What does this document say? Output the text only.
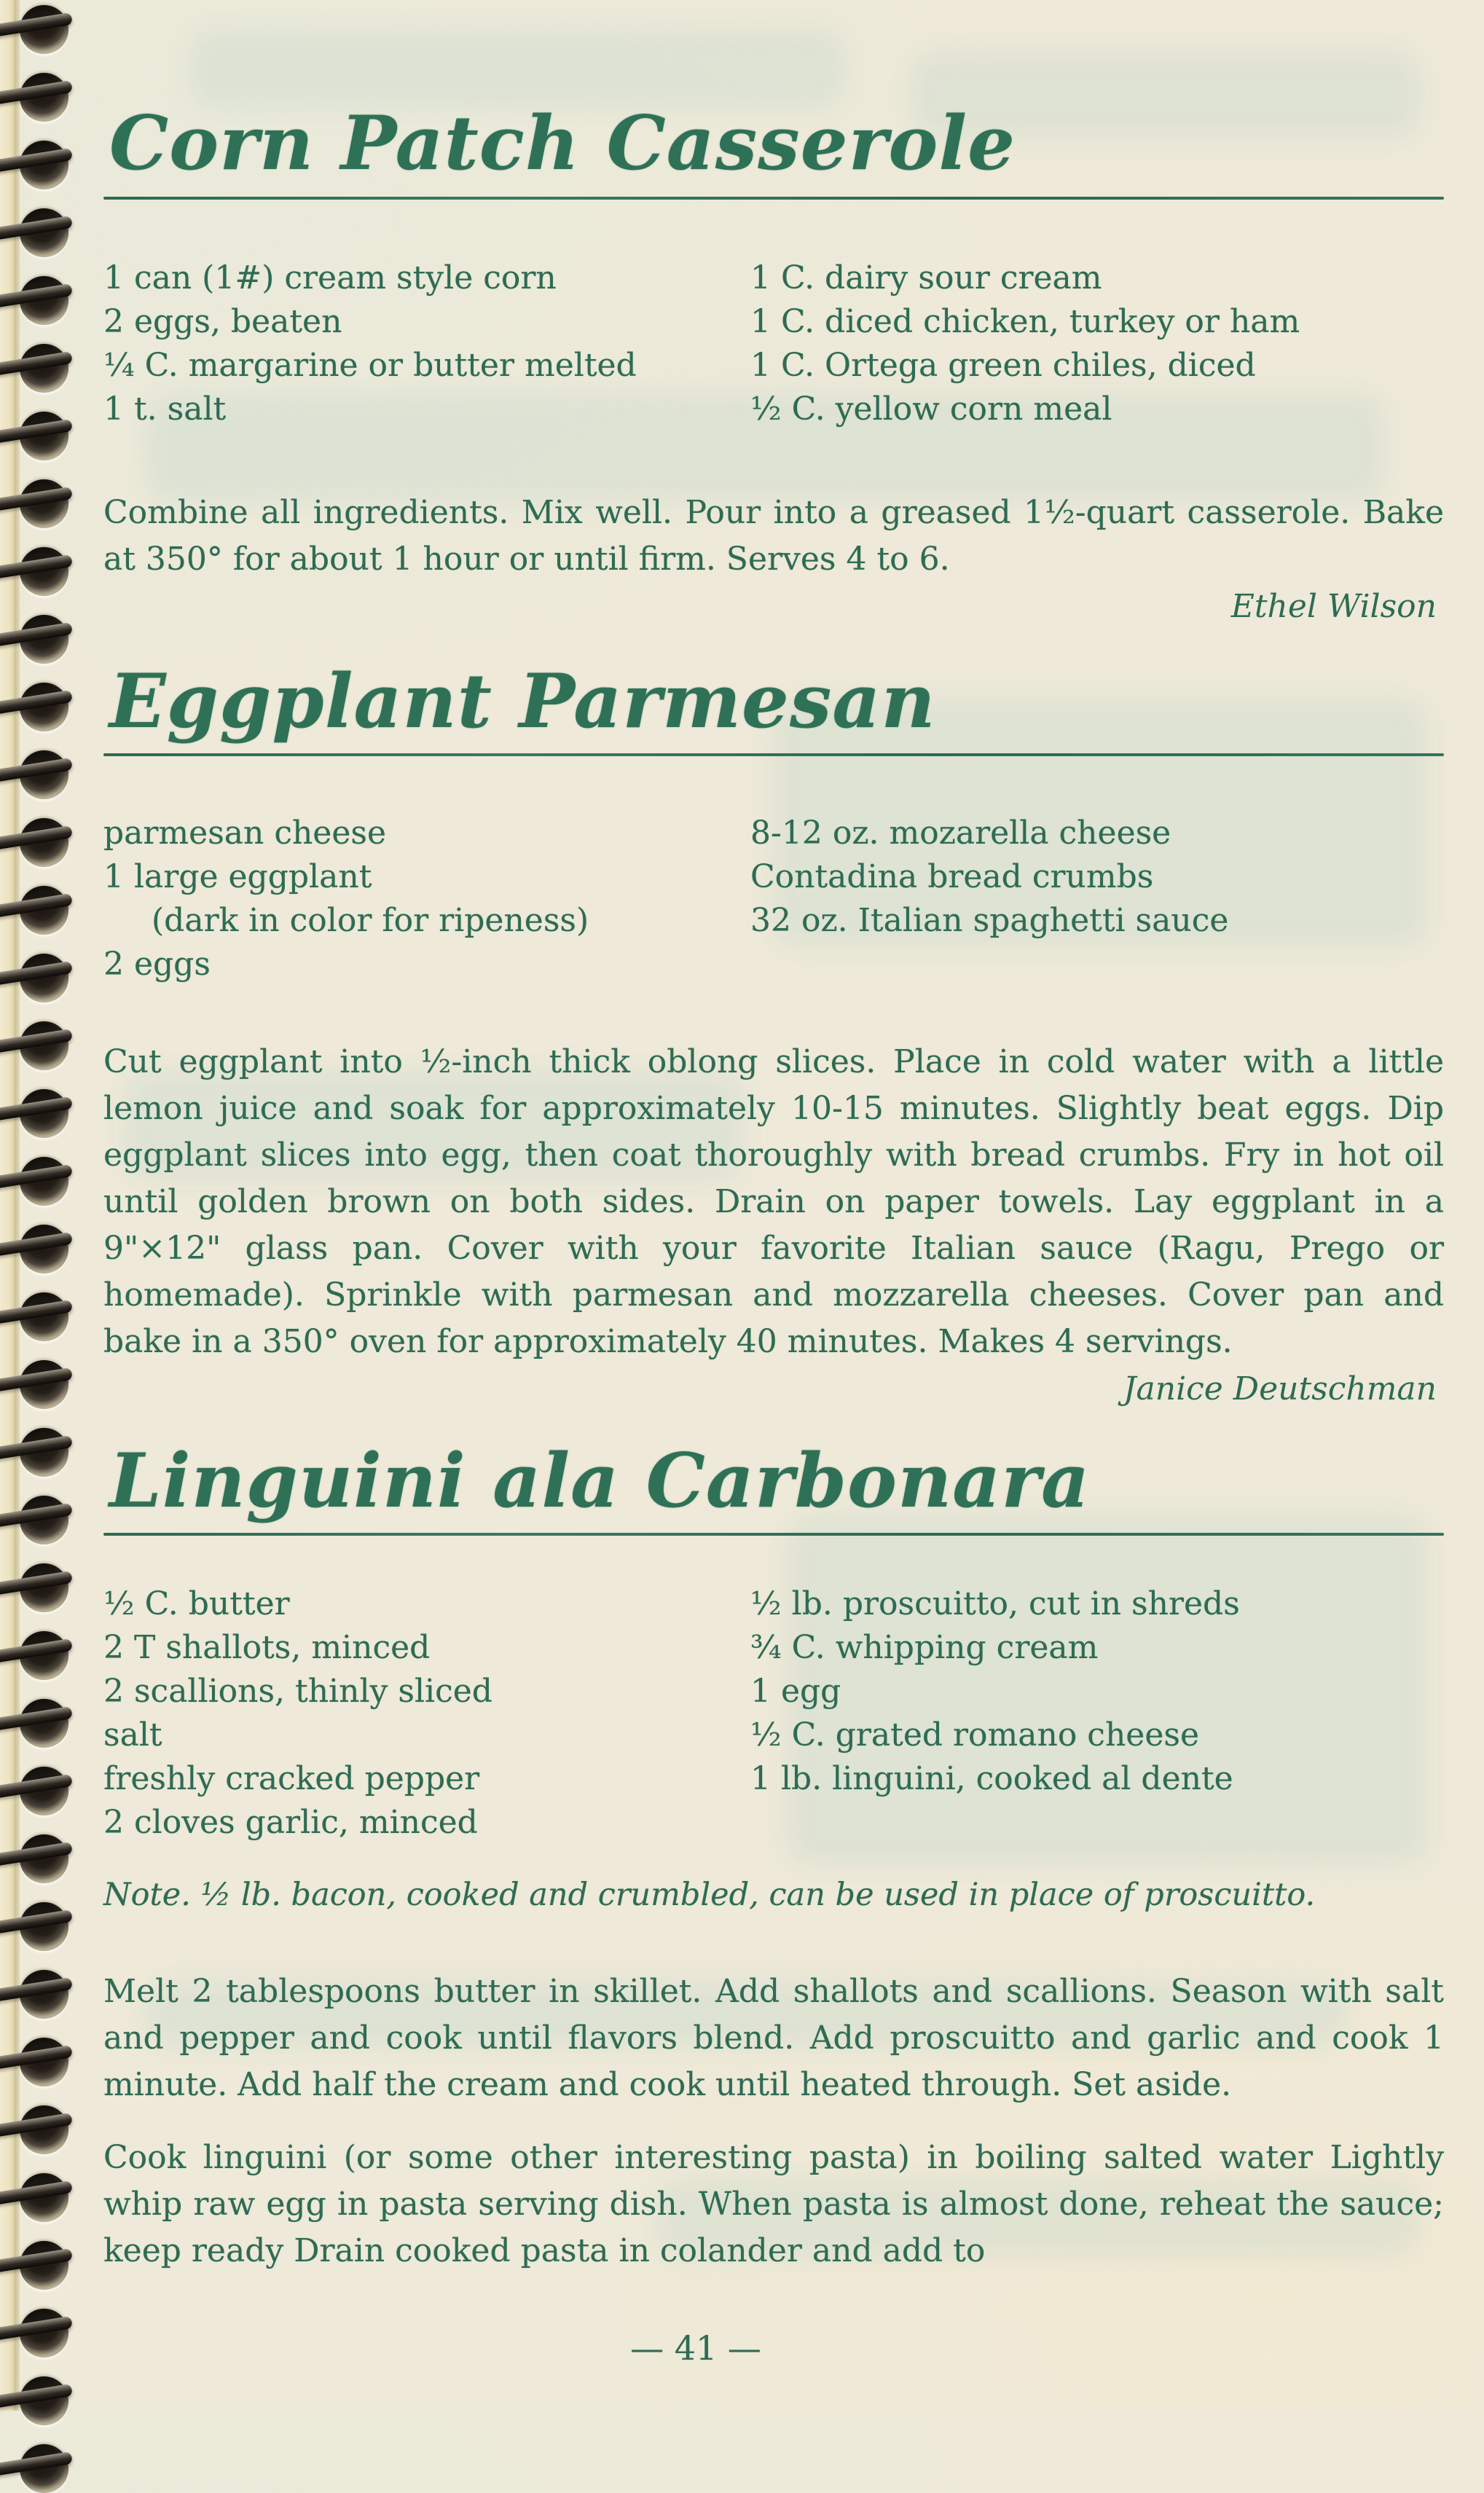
Corn Patch Casserole
1 can (1#) cream style corn
2 eggs, beaten
¼ C. margarine or butter melted
1 t. salt
1 C. dairy sour cream
1 C. diced chicken, turkey or ham
1 C. Ortega green chiles, diced
½ C. yellow corn meal

Combine all ingredients. Mix well. Pour into a greased 1½-quart casserole. Bake at 350° for about 1 hour or until firm. Serves 4 to 6.

Ethel Wilson

Eggplant Parmesan
parmesan cheese
1 large eggplant
(dark in color for ripeness)
2 eggs
8-12 oz. mozarella cheese
Contadina bread crumbs
32 oz. Italian spaghetti sauce

Cut eggplant into ½-inch thick oblong slices. Place in cold water with a little lemon juice and soak for approximately 10-15 minutes. Slightly beat eggs. Dip eggplant slices into egg, then coat thoroughly with bread crumbs. Fry in hot oil until golden brown on both sides. Drain on paper towels. Lay eggplant in a 9"×12" glass pan. Cover with your favorite Italian sauce (Ragu, Prego or homemade). Sprinkle with parmesan and mozzarella cheeses. Cover pan and bake in a 350° oven for approximately 40 minutes. Makes 4 servings.

Janice Deutschman

Linguini ala Carbonara
½ C. butter
2 T shallots, minced
2 scallions, thinly sliced
salt
freshly cracked pepper
2 cloves garlic, minced
½ lb. proscuitto, cut in shreds
¾ C. whipping cream
1 egg
½ C. grated romano cheese
1 lb. linguini, cooked al dente

Note. ½ lb. bacon, cooked and crumbled, can be used in place of proscuitto.

Melt 2 tablespoons butter in skillet. Add shallots and scallions. Season with salt and pepper and cook until flavors blend. Add proscuitto and garlic and cook 1 minute. Add half the cream and cook until heated through. Set aside.

Cook linguini (or some other interesting pasta) in boiling salted water Lightly whip raw egg in pasta serving dish. When pasta is almost done, reheat the sauce; keep ready Drain cooked pasta in colander and add to

— 41 —
